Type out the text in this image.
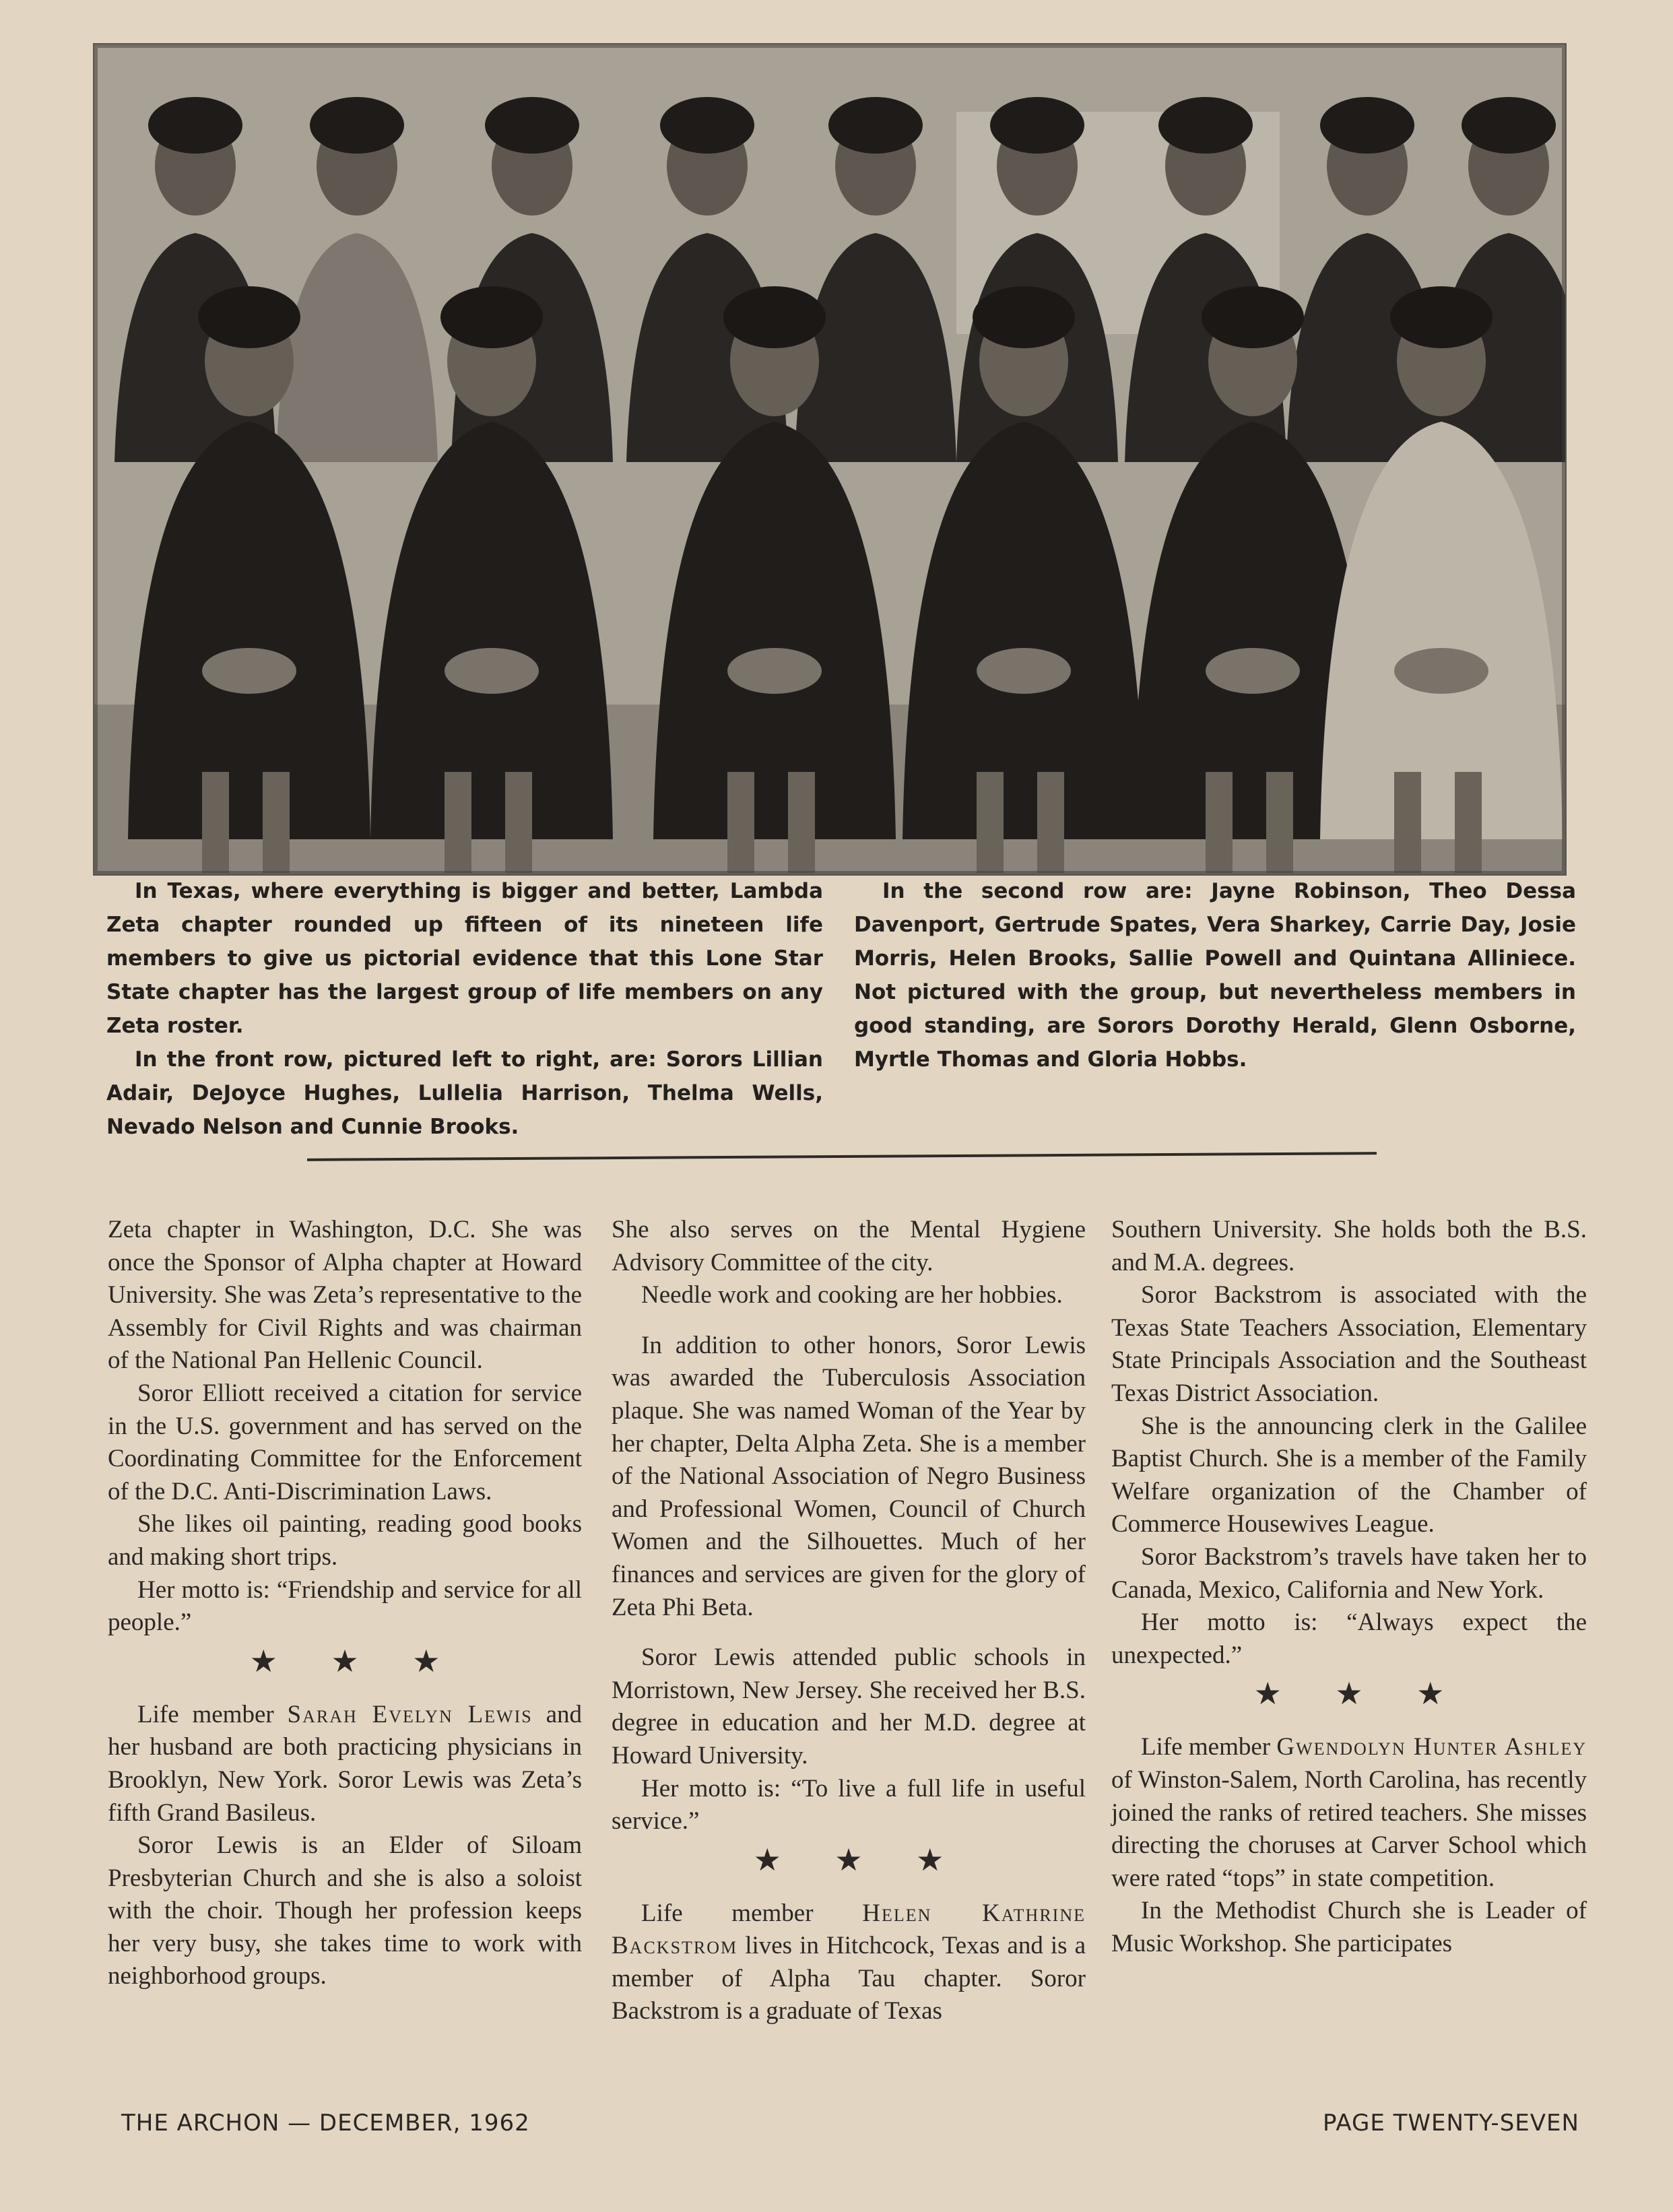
In Texas, where everything is bigger and better, Lambda Zeta chapter rounded up fifteen of its nineteen life members to give us pictorial evidence that this Lone Star State chapter has the largest group of life members on any Zeta roster.

In the front row, pictured left to right, are: Sorors Lillian Adair, DeJoyce Hughes, Lullelia Harrison, Thelma Wells, Nevado Nelson and Cunnie Brooks.

In the second row are: Jayne Robinson, Theo Dessa Davenport, Gertrude Spates, Vera Sharkey, Carrie Day, Josie Morris, Helen Brooks, Sallie Powell and Quintana Alliniece. Not pictured with the group, but nevertheless members in good standing, are Sorors Dorothy Herald, Glenn Osborne, Myrtle Thomas and Gloria Hobbs.

Zeta chapter in Washington, D.C. She was once the Sponsor of Alpha chapter at Howard University. She was Zeta’s representative to the Assembly for Civil Rights and was chairman of the National Pan Hellenic Council.

Soror Elliott received a citation for service in the U.S. government and has served on the Coordinating Committee for the Enforcement of the D.C. Anti-Discrimination Laws.

She likes oil painting, reading good books and making short trips.

Her motto is: “Friendship and service for all people.”

★ ★ ★

Life member Sarah Evelyn Lewis and her husband are both practicing physicians in Brooklyn, New York. Soror Lewis was Zeta’s fifth Grand Basileus.

Soror Lewis is an Elder of Siloam Presbyterian Church and she is also a soloist with the choir. Though her profession keeps her very busy, she takes time to work with neighborhood groups.

She also serves on the Mental Hygiene Advisory Committee of the city.

Needle work and cooking are her hobbies.

In addition to other honors, Soror Lewis was awarded the Tuberculosis Association plaque. She was named Woman of the Year by her chapter, Delta Alpha Zeta. She is a member of the National Association of Negro Business and Professional Women, Council of Church Women and the Silhouettes. Much of her finances and services are given for the glory of Zeta Phi Beta.

Soror Lewis attended public schools in Morristown, New Jersey. She received her B.S. degree in education and her M.D. degree at Howard University.

Her motto is: “To live a full life in useful service.”

★ ★ ★

Life member Helen Kathrine Backstrom lives in Hitchcock, Texas and is a member of Alpha Tau chapter. Soror Backstrom is a graduate of Texas

Southern University. She holds both the B.S. and M.A. degrees.

Soror Backstrom is associated with the Texas State Teachers Association, Elementary State Principals Association and the Southeast Texas District Association.

She is the announcing clerk in the Galilee Baptist Church. She is a member of the Family Welfare organization of the Chamber of Commerce Housewives League.

Soror Backstrom’s travels have taken her to Canada, Mexico, California and New York.

Her motto is: “Always expect the unexpected.”

★ ★ ★

Life member Gwendolyn Hunter Ashley of Winston-Salem, North Carolina, has recently joined the ranks of retired teachers. She misses directing the choruses at Carver School which were rated “tops” in state competition.

In the Methodist Church she is Leader of Music Workshop. She participates

THE ARCHON — DECEMBER, 1962	PAGE TWENTY-SEVEN
